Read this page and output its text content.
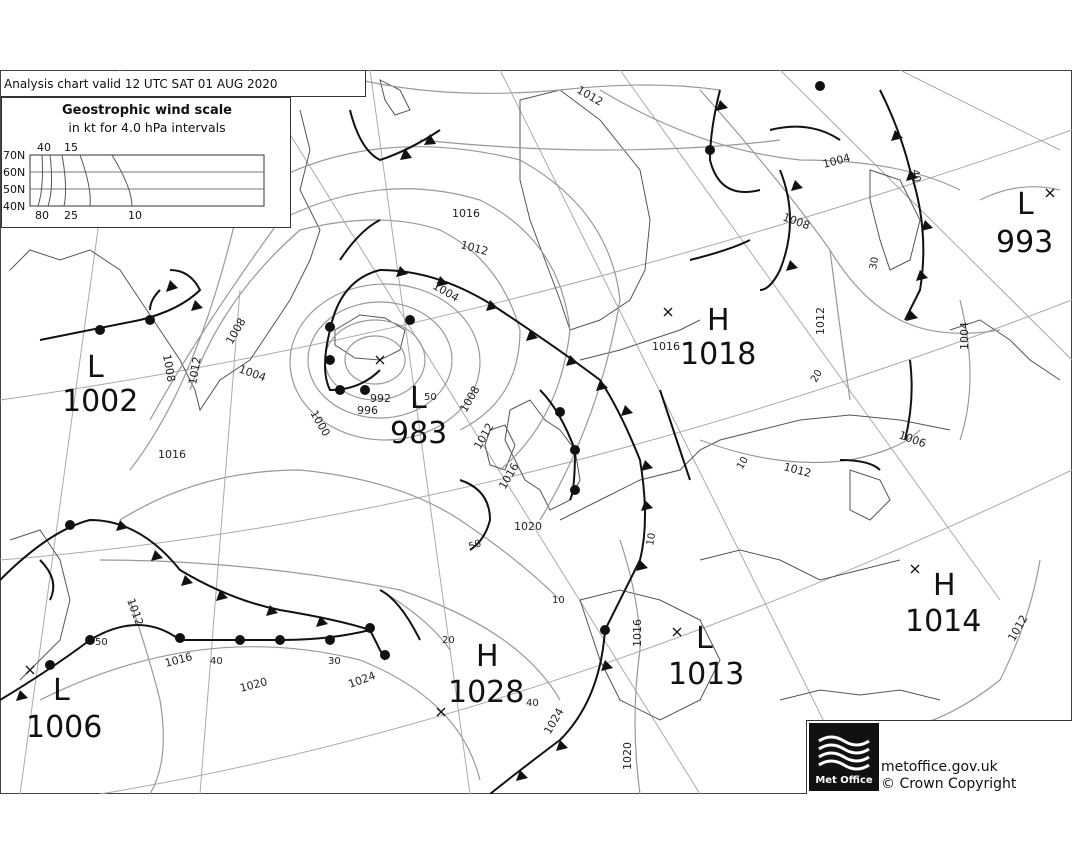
1012
1016
1012
1004
1008 1012	1004
1008
1000 996
992	1008
1012
1016
1016
1020
1004
1008
1012
1004
1006
1012
1016
1020
1024
1012
1016
1020
1012
1016
1024
40
30
20
10
50
10
50
40	30
20
10
40
50
L
1002	L
983
H
1018
L
993
H
1028
L
1013
H
1014
L
1006
Analysis chart valid 12 UTC SAT 01 AUG 2020
Geostrophic wind scale
in kt for 4.0 hPa intervals
70N
60N
50N
40N
40 15
80 25	10
Met Office
metoffice.gov.uk
© Crown Copyright
